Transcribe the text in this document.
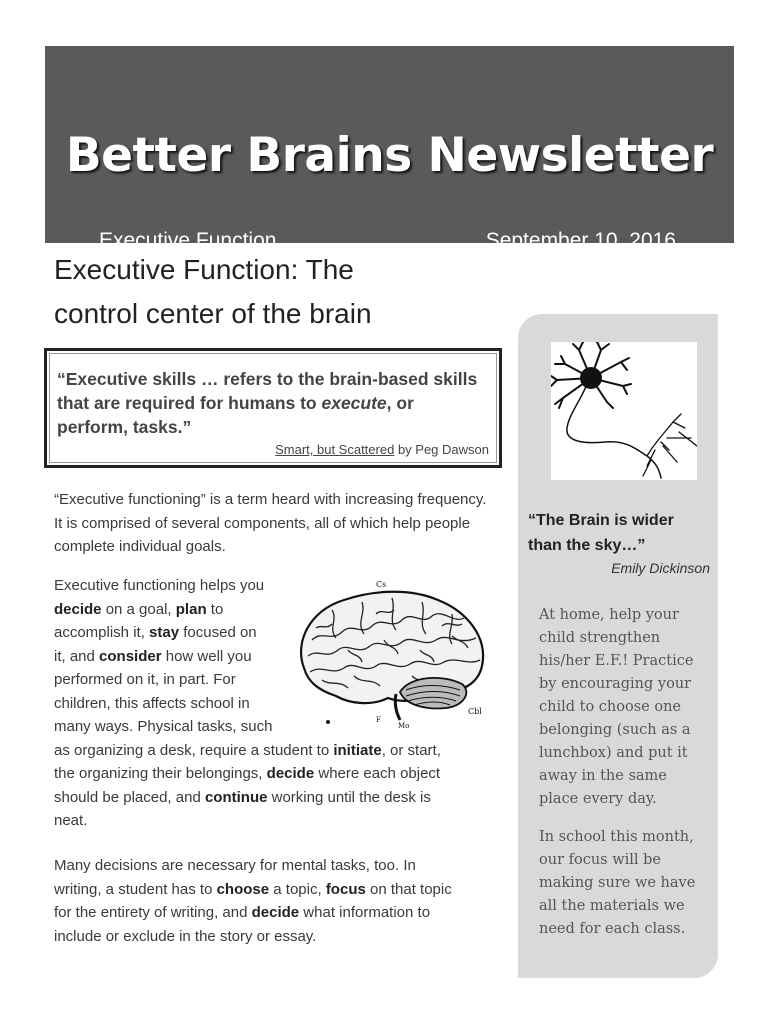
Better Brains Newsletter
Executive Function	September 10, 2016
Executive Function: The
control center of the brain
“Executive skills … refers to the brain-based skills
that are required for humans to execute, or
perform, tasks.”
Smart, but Scattered by Peg Dawson
“Executive functioning” is a term heard with increasing frequency. It is comprised of several components, all of which help people complete individual goals.
Executive functioning helps you
decide on a goal, plan to
accomplish it, stay focused on
it, and consider how well you
performed on it, in part. For
children, this affects school in
many ways. Physical tasks, such
as organizing a desk, require a student to initiate, or start,
the organizing their belongings, decide where each object
should be placed, and continue working until the desk is
neat.
Cs
Cbl
Mo
F
Many decisions are necessary for mental tasks, too. In
writing, a student has to choose a topic, focus on that topic
for the entirety of writing, and decide what information to
include or exclude in the story or essay.
“The Brain is wider than the sky…”
Emily Dickinson
At home, help your child strengthen his/her E.F.! Practice by encouraging your child to choose one belonging (such as a lunchbox) and put it away in the same place every day.
In school this month, our focus will be making sure we have all the materials we need for each class.
